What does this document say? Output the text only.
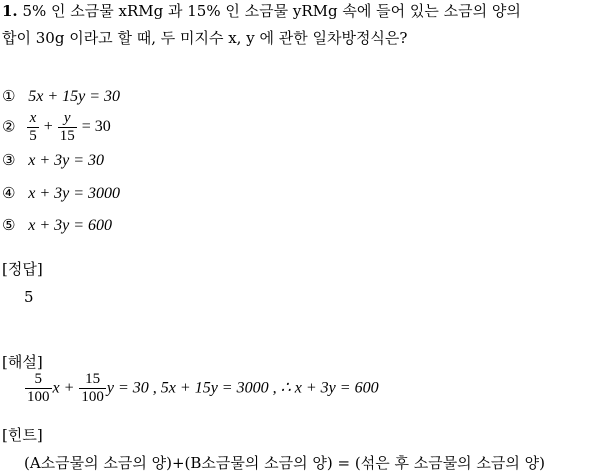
1. 5% 인 소금물 xRMg 과 15% 인 소금물 yRMg 속에 들어 있는 소금의 양의
합이 30g 이라고 할 때, 두 미지수 x, y 에 관한 일차방정식은?
① 5x + 15y = 30
② $\frac{x}{5} + \frac{y}{15} = 30$
③ x + 3y = 30
④ x + 3y = 3000
⑤ x + 3y = 600
[정답]
5
[해설]
$\frac{5}{100}$ $x + \frac{15}{100}$ y = 30 , 5x + 15y = 3000 , ∴ x + 3y = 600
[힌트]
(A소금물의 소금의 양)+(B소금물의 소금의 양) = (섞은 후 소금물의 소금의 양)
